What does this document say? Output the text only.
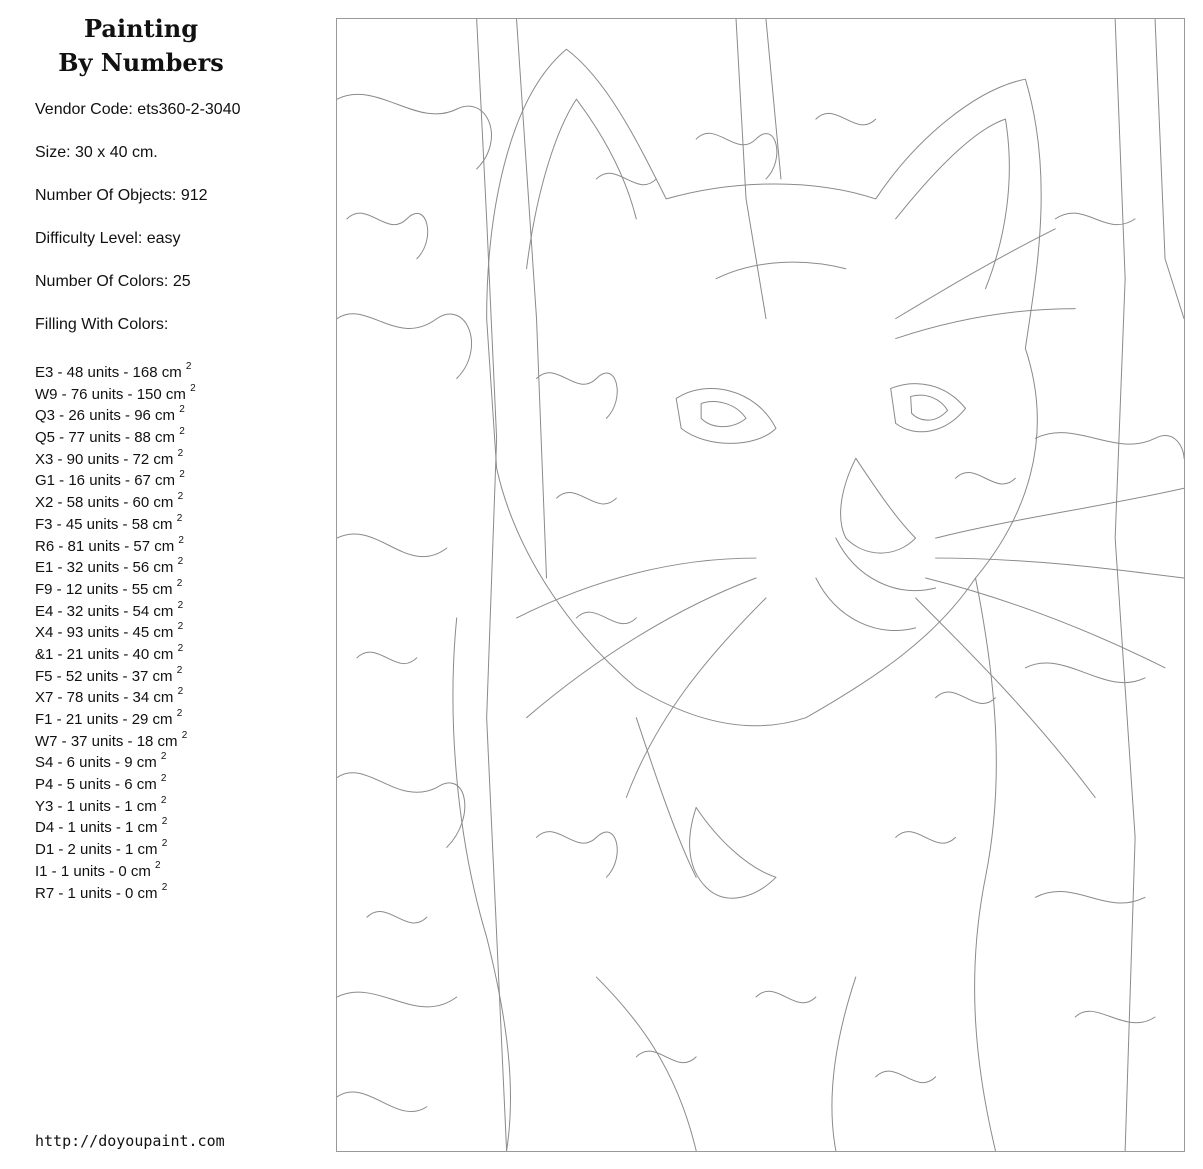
Painting
By Numbers
Vendor Code: ets360-2-3040
Size: 30 x 40 cm.
Number Of Objects: 912
Difficulty Level: easy
Number Of Colors: 25
Filling With Colors:
E3 - 48 units - 168 cm $^2$
W9 - 76 units - 150 cm $^2$
Q3 - 26 units - 96 cm $^2$
Q5 - 77 units - 88 cm $^2$
X3 - 90 units - 72 cm $^2$
G1 - 16 units - 67 cm $^2$
X2 - 58 units - 60 cm $^2$
F3 - 45 units - 58 cm $^2$
R6 - 81 units - 57 cm $^2$
E1 - 32 units - 56 cm $^2$
F9 - 12 units - 55 cm $^2$
E4 - 32 units - 54 cm $^2$
X4 - 93 units - 45 cm $^2$
&1 - 21 units - 40 cm $^2$
F5 - 52 units - 37 cm $^2$
X7 - 78 units - 34 cm $^2$
F1 - 21 units - 29 cm $^2$
W7 - 37 units - 18 cm $^2$
S4 - 6 units - 9 cm $^2$
P4 - 5 units - 6 cm $^2$
Y3 - 1 units - 1 cm $^2$
D4 - 1 units - 1 cm $^2$
D1 - 2 units - 1 cm $^2$
I1 - 1 units - 0 cm $^2$
R7 - 1 units - 0 cm $^2$
http://doyoupaint.com
